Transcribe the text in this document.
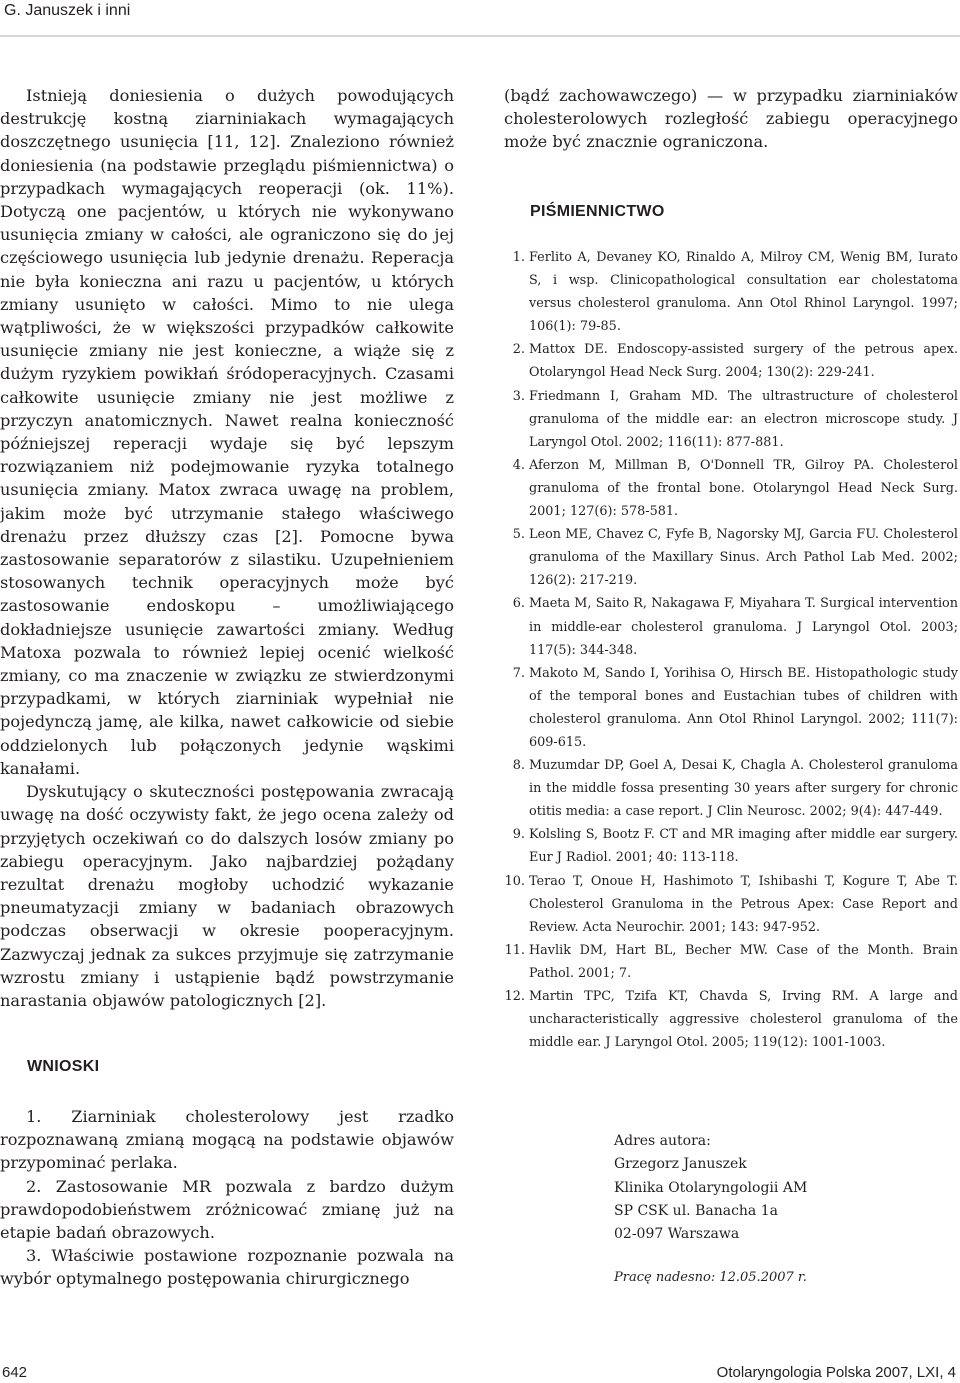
G. Januszek i inni

Istnieją doniesienia o dużych powodujących destrukcję kostną ziarniniakach wymagających doszczętnego usunięcia [11, 12]. Znaleziono również doniesienia (na podstawie przeglądu piśmiennictwa) o przypadkach wymagających reoperacji (ok. 11%). Dotyczą one pacjentów, u których nie wykonywano usunięcia zmiany w całości, ale ograniczono się do jej częściowego usunięcia lub jedynie drenażu. Reperacja nie była konieczna ani razu u pacjentów, u których zmiany usunięto w całości. Mimo to nie ulega wątpliwości, że w większości przypadków całkowite usunięcie zmiany nie jest konieczne, a wiąże się z dużym ryzykiem powikłań śródoperacyjnych. Czasami całkowite usunięcie zmiany nie jest możliwe z przyczyn anatomicznych. Nawet realna konieczność późniejszej reperacji wydaje się być lepszym rozwiązaniem niż podejmowanie ryzyka totalnego usunięcia zmiany. Matox zwraca uwagę na problem, jakim może być utrzymanie stałego właściwego drenażu przez dłuższy czas [2]. Pomocne bywa zastosowanie separatorów z silastiku. Uzupełnieniem stosowanych technik operacyjnych może być zastosowanie endoskopu – umożliwiającego dokładniejsze usunięcie zawartości zmiany. Według Matoxa pozwala to również lepiej ocenić wielkość zmiany, co ma znaczenie w związku ze stwierdzonymi przypadkami, w których ziarniniak wypełniał nie pojedynczą jamę, ale kilka, nawet całkowicie od siebie oddzielonych lub połączonych jedynie wąskimi kanałami.

Dyskutujący o skuteczności postępowania zwracają uwagę na dość oczywisty fakt, że jego ocena zależy od przyjętych oczekiwań co do dalszych losów zmiany po zabiegu operacyjnym. Jako najbardziej pożądany rezultat drenażu mogłoby uchodzić wykazanie pneumatyzacji zmiany w badaniach obrazowych podczas obserwacji w okresie pooperacyjnym. Zazwyczaj jednak za sukces przyjmuje się zatrzymanie wzrostu zmiany i ustąpienie bądź powstrzymanie narastania objawów patologicznych [2].

WNIOSKI

1. Ziarniniak cholesterolowy jest rzadko rozpoznawaną zmianą mogącą na podstawie objawów przypominać perlaka.

2. Zastosowanie MR pozwala z bardzo dużym prawdopodobieństwem zróżnicować zmianę już na etapie badań obrazowych.

3. Właściwie postawione rozpoznanie pozwala na wybór optymalnego postępowania chirurgicznego

(bądź zachowawczego) — w przypadku ziarniniaków cholesterolowych rozległość zabiegu operacyjnego może być znacznie ograniczona.

PIŚMIENNICTWO
1. Ferlito A, Devaney KO, Rinaldo A, Milroy CM, Wenig BM, Iurato S, i wsp. Clinicopathological consultation ear cholestatoma versus cholesterol granuloma. Ann Otol Rhinol Laryngol. 1997; 106(1): 79-85.
2. Mattox DE. Endoscopy-assisted surgery of the petrous apex. Otolaryngol Head Neck Surg. 2004; 130(2): 229-241.
3. Friedmann I, Graham MD. The ultrastructure of cholesterol granuloma of the middle ear: an electron microscope study. J Laryngol Otol. 2002; 116(11): 877-881.
4. Aferzon M, Millman B, O'Donnell TR, Gilroy PA. Cholesterol granuloma of the frontal bone. Otolaryngol Head Neck Surg. 2001; 127(6): 578-581.
5. Leon ME, Chavez C, Fyfe B, Nagorsky MJ, Garcia FU. Cholesterol granuloma of the Maxillary Sinus. Arch Pathol Lab Med. 2002; 126(2): 217-219.
6. Maeta M, Saito R, Nakagawa F, Miyahara T. Surgical intervention in middle-ear cholesterol granuloma. J Laryngol Otol. 2003; 117(5): 344-348.
7. Makoto M, Sando I, Yorihisa O, Hirsch BE. Histopathologic study of the temporal bones and Eustachian tubes of children with cholesterol granuloma. Ann Otol Rhinol Laryngol. 2002; 111(7): 609-615.
8. Muzumdar DP, Goel A, Desai K, Chagla A. Cholesterol granuloma in the middle fossa presenting 30 years after surgery for chronic otitis media: a case report. J Clin Neurosc. 2002; 9(4): 447-449.
9. Kolsling S, Bootz F. CT and MR imaging after middle ear surgery. Eur J Radiol. 2001; 40: 113-118.
10. Terao T, Onoue H, Hashimoto T, Ishibashi T, Kogure T, Abe T. Cholesterol Granuloma in the Petrous Apex: Case Report and Review. Acta Neurochir. 2001; 143: 947-952.
11. Havlik DM, Hart BL, Becher MW. Case of the Month. Brain Pathol. 2001; 7.
12. Martin TPC, Tzifa KT, Chavda S, Irving RM. A large and uncharacteristically aggressive cholesterol granuloma of the middle ear. J Laryngol Otol. 2005; 119(12): 1001-1003.
Adres autora:
Grzegorz Januszek
Klinika Otolaryngologii AM
SP CSK ul. Banacha 1a
02-097 Warszawa
Pracę nadesno: 12.05.2007 r.
642	Otolaryngologia Polska 2007, LXI, 4
